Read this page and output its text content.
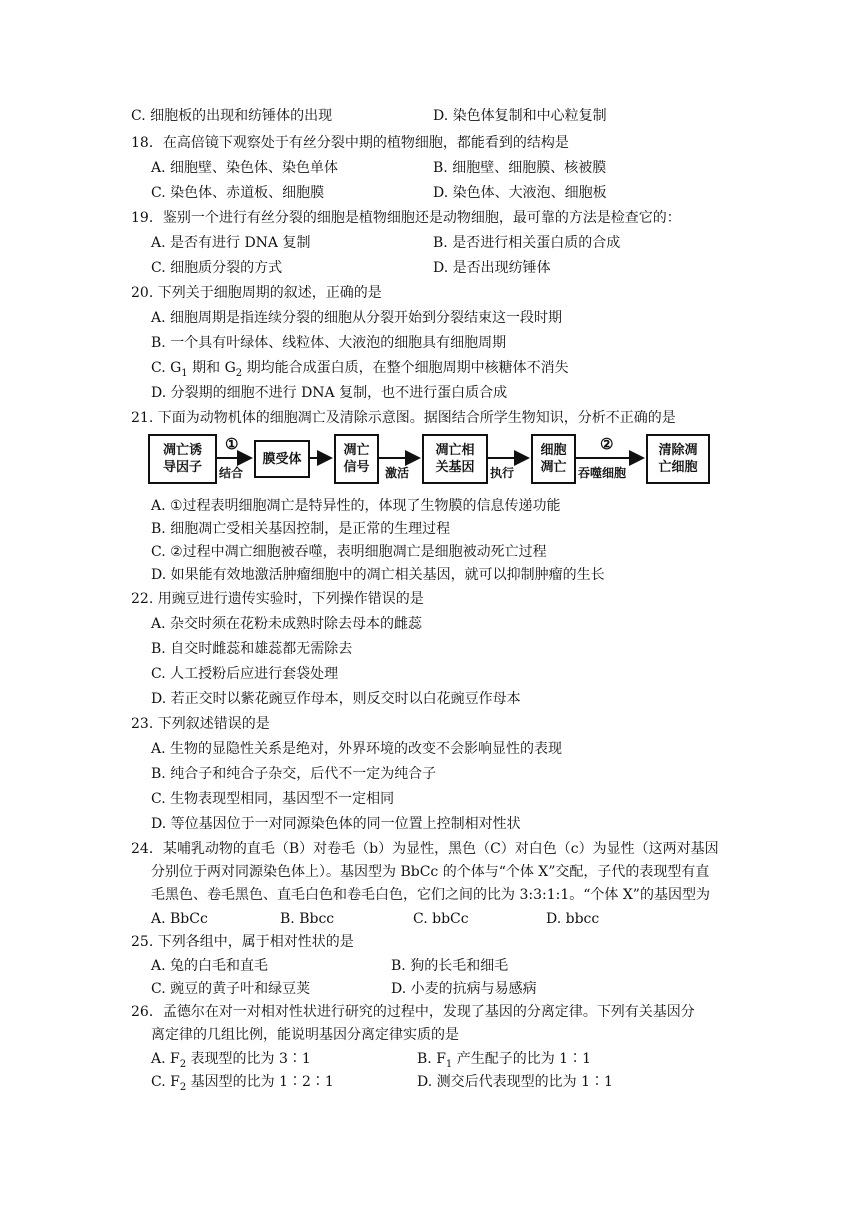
C. 细胞板的出现和纺锤体的出现	D. 染色体复制和中心粒复制
18．在高倍镜下观察处于有丝分裂中期的植物细胞，都能看到的结构是
A. 细胞壁、染色体、染色单体	B. 细胞壁、细胞膜、核被膜
C. 染色体、赤道板、细胞膜	D. 染色体、大液泡、细胞板
19．鉴别一个进行有丝分裂的细胞是植物细胞还是动物细胞，最可靠的方法是检查它的：
A. 是否有进行 DNA 复制	B. 是否进行相关蛋白质的合成
C. 细胞质分裂的方式	D. 是否出现纺锤体
20. 下列关于细胞周期的叙述，正确的是
A. 细胞周期是指连续分裂的细胞从分裂开始到分裂结束这一段时期
B. 一个具有叶绿体、线粒体、大液泡的细胞具有细胞周期
C. $G_1$ 期和 $G_2$ 期均能合成蛋白质，在整个细胞周期中核糖体不消失
D. 分裂期的细胞不进行 DNA 复制，也不进行蛋白质合成
21. 下面为动物机体的细胞凋亡及清除示意图。据图结合所学生物知识，分析不正确的是
凋亡诱
导因子
膜受体
凋亡
信号
凋亡相
关基因
细胞
凋亡
清除凋
亡细胞
①
结合	激活	执行
②
吞噬细胞
A. ①过程表明细胞凋亡是特异性的，体现了生物膜的信息传递功能
B. 细胞凋亡受相关基因控制，是正常的生理过程
C. ②过程中凋亡细胞被吞噬，表明细胞凋亡是细胞被动死亡过程
D. 如果能有效地激活肿瘤细胞中的凋亡相关基因，就可以抑制肿瘤的生长
22. 用豌豆进行遗传实验时，下列操作错误的是
A. 杂交时须在花粉未成熟时除去母本的雌蕊
B. 自交时雌蕊和雄蕊都无需除去
C. 人工授粉后应进行套袋处理
D. 若正交时以紫花豌豆作母本，则反交时以白花豌豆作母本
23. 下列叙述错误的是
A. 生物的显隐性关系是绝对，外界环境的改变不会影响显性的表现
B. 纯合子和纯合子杂交，后代不一定为纯合子
C. 生物表现型相同，基因型不一定相同
D. 等位基因位于一对同源染色体的同一位置上控制相对性状
24．某哺乳动物的直毛（B）对卷毛（b）为显性，黑色（C）对白色（c）为显性（这两对基因
分别位于两对同源染色体上）。基因型为 BbCc 的个体与“个体 X”交配，子代的表现型有直
毛黑色、卷毛黑色、直毛白色和卷毛白色，它们之间的比为 3:3:1:1。“个体 X”的基因型为
A. BbCc	B. Bbcc	C. bbCc	D. bbcc
25. 下列各组中，属于相对性状的是
A. 兔的白毛和直毛	B. 狗的长毛和细毛
C. 豌豆的黄子叶和绿豆荚	D. 小麦的抗病与易感病
26．孟德尔在对一对相对性状进行研究的过程中，发现了基因的分离定律。下列有关基因分
离定律的几组比例，能说明基因分离定律实质的是
A. $F_2$ 表现型的比为 3∶1	B. $F_1$ 产生配子的比为 1∶1
C. $F_2$ 基因型的比为 1∶2∶1	D. 测交后代表现型的比为 1∶1
